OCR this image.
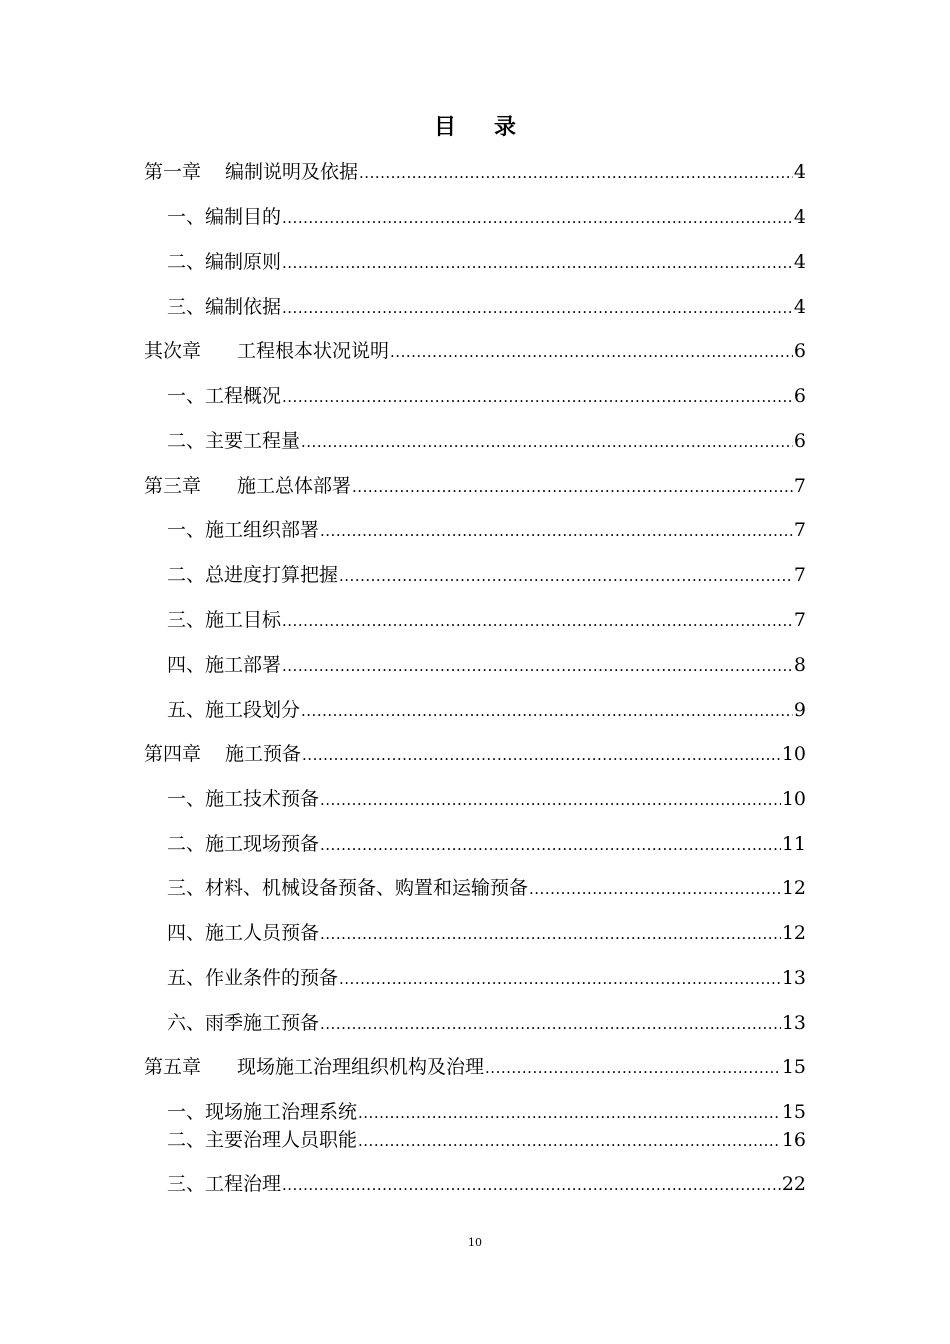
目 录
第一章 编制说明及依据 .....	4
一、编制目的 .....	4
二、编制原则 .....	4
三、编制依据 .....	4
其次章 工程根本状况说明 .....	6
一、工程概况 .....	6
二、主要工程量 .....	6
第三章 施工总体部署 .....	7
一、施工组织部署 .....	7
二、总进度打算把握 .....	7
三、施工目标 .....	7
四、施工部署 .....	8
五、施工段划分 .....	9
第四章 施工预备 .....	10
一、施工技术预备 .....	10
二、施工现场预备 .....	11
三、材料、机械设备预备、购置和运输预备 .....	12
四、施工人员预备 .....	12
五、作业条件的预备 .....	13
六、雨季施工预备 .....	13
第五章 现场施工治理组织机构及治理 .....	15
一、现场施工治理系统 .....	15
二、主要治理人员职能 .....	16
三、工程治理 .....	22
10
